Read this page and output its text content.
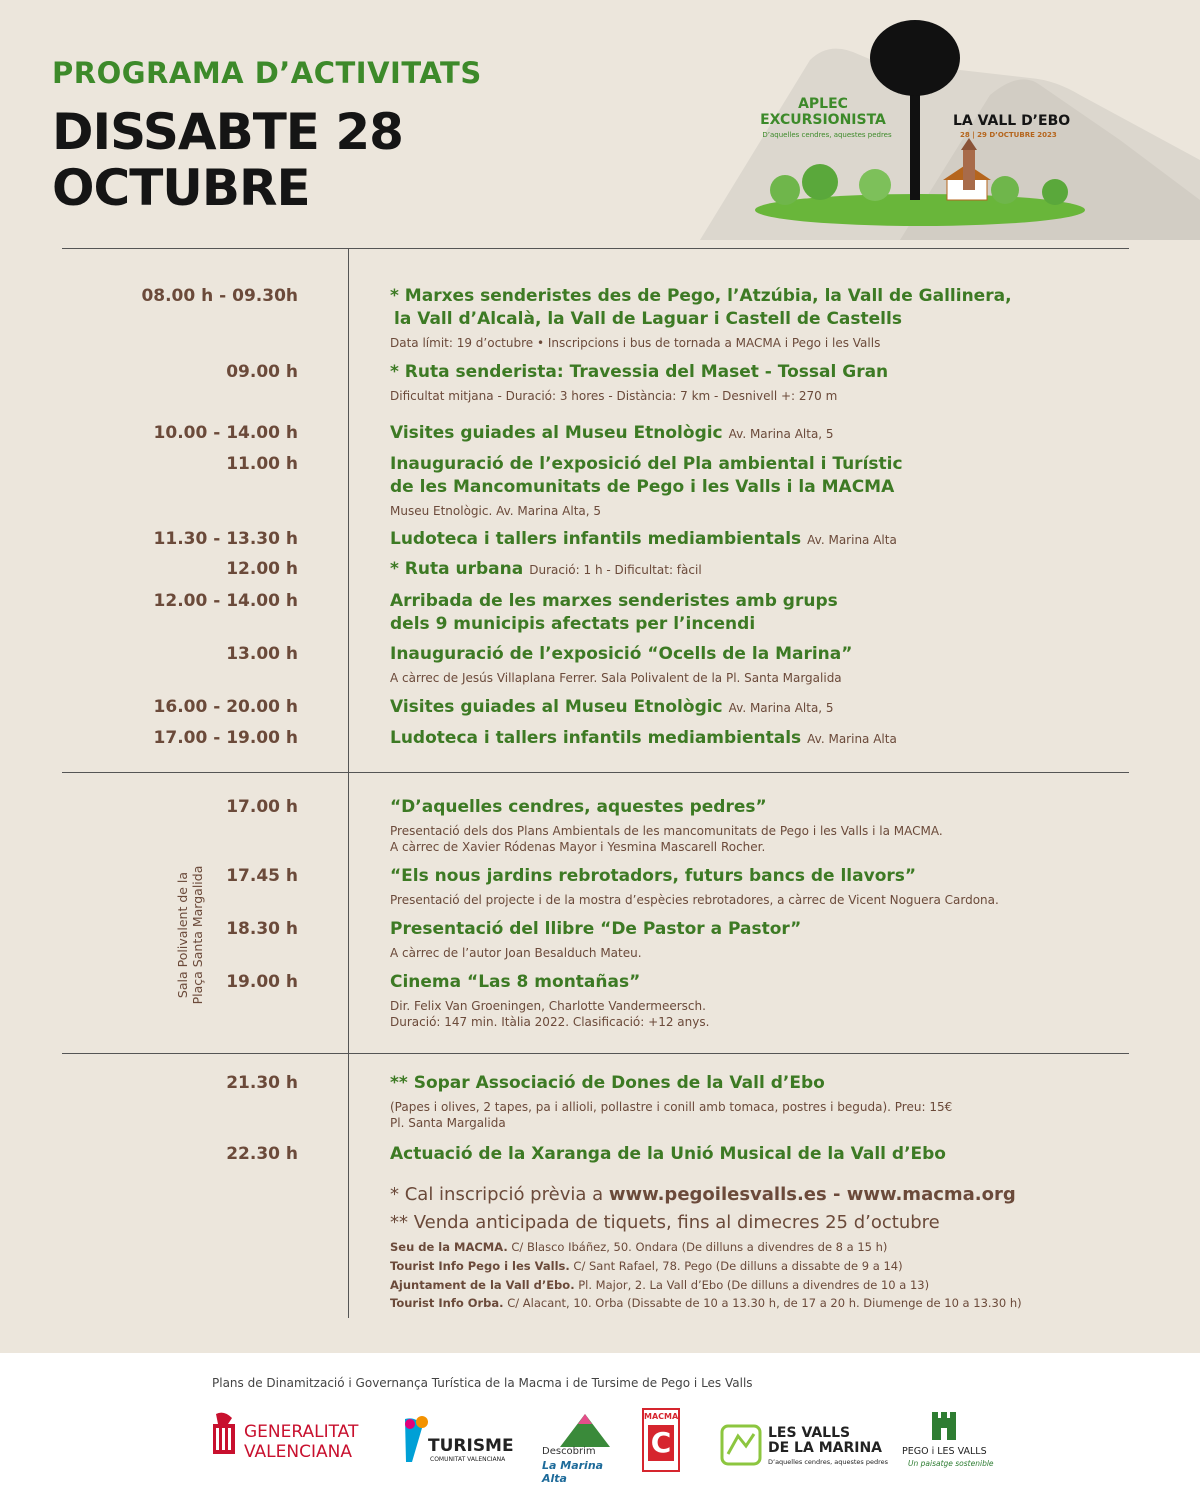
PROGRAMA D’ACTIVITATS
DISSABTE 28
OCTUBRE
APLEC
EXCURSIONISTA
D’aquelles cendres, aquestes pedres
LA VALL D’EBO
28 | 29 D’OCTUBRE 2023
Sala Polivalent de la Plaça Santa Margalida
08.00 h - 09.30h	* Marxes senderistes des de Pego, l’Atzúbia, la Vall de Gallinera,
la Vall d’Alcalà, la Vall de Laguar i Castell de Castells
Data límit: 19 d’octubre • Inscripcions i bus de tornada a MACMA i Pego i les Valls
09.00 h	* Ruta senderista: Travessia del Maset - Tossal Gran
Dificultat mitjana - Duració: 3 hores - Distància: 7 km - Desnivell +: 270 m
10.00 - 14.00 h	Visites guiades al Museu Etnològic Av. Marina Alta, 5
11.00 h	Inauguració de l’exposició del Pla ambiental i Turístic
de les Mancomunitats de Pego i les Valls i la MACMA
Museu Etnològic. Av. Marina Alta, 5
11.30 - 13.30 h	Ludoteca i tallers infantils mediambientals Av. Marina Alta
12.00 h	* Ruta urbana Duració: 1 h - Dificultat: fàcil
12.00 - 14.00 h	Arribada de les marxes senderistes amb grups
dels 9 municipis afectats per l’incendi
13.00 h	Inauguració de l’exposició “Ocells de la Marina”
A càrrec de Jesús Villaplana Ferrer. Sala Polivalent de la Pl. Santa Margalida
16.00 - 20.00 h	Visites guiades al Museu Etnològic Av. Marina Alta, 5
17.00 - 19.00 h	Ludoteca i tallers infantils mediambientals Av. Marina Alta
17.00 h	“D’aquelles cendres, aquestes pedres”
Presentació dels dos Plans Ambientals de les mancomunitats de Pego i les Valls i la MACMA.
A càrrec de Xavier Ródenas Mayor i Yesmina Mascarell Rocher.
17.45 h	“Els nous jardins rebrotadors, futurs bancs de llavors”
Presentació del projecte i de la mostra d’espècies rebrotadores, a càrrec de Vicent Noguera Cardona.
18.30 h	Presentació del llibre “De Pastor a Pastor”
A càrrec de l’autor Joan Besalduch Mateu.
19.00 h	Cinema “Las 8 montañas”
Dir. Felix Van Groeningen, Charlotte Vandermeersch.
Duració: 147 min. Itàlia 2022. Clasificació: +12 anys.
21.30 h	** Sopar Associació de Dones de la Vall d’Ebo
(Papes i olives, 2 tapes, pa i allioli, pollastre i conill amb tomaca, postres i beguda). Preu: 15€
Pl. Santa Margalida
22.30 h	Actuació de la Xaranga de la Unió Musical de la Vall d’Ebo
* Cal inscripció prèvia a www.pegoilesvalls.es - www.macma.org
** Venda anticipada de tiquets, fins al dimecres 25 d’octubre
Seu de la MACMA. C/ Blasco Ibáñez, 50. Ondara (De dilluns a divendres de 8 a 15 h)
Tourist Info Pego i les Valls. C/ Sant Rafael, 78. Pego (De dilluns a dissabte de 9 a 14)
Ajuntament de la Vall d’Ebo. Pl. Major, 2. La Vall d’Ebo (De dilluns a divendres de 10 a 13)
Tourist Info Orba. C/ Alacant, 10. Orba (Dissabte de 10 a 13.30 h, de 17 a 20 h. Diumenge de 10 a 13.30 h)
Plans de Dinamització i Governança Turística de la Macma i de Tursime de Pego i Les Valls
GENERALITAT
VALENCIANA	TURISME
COMUNITAT VALENCIANA
Descobrim
La Marina Alta
MACMA
C	LES VALLS
DE LA MARINA
D’aquelles cendres, aquestes pedres
PEGO i LES VALLS
Un paisatge sostenible
